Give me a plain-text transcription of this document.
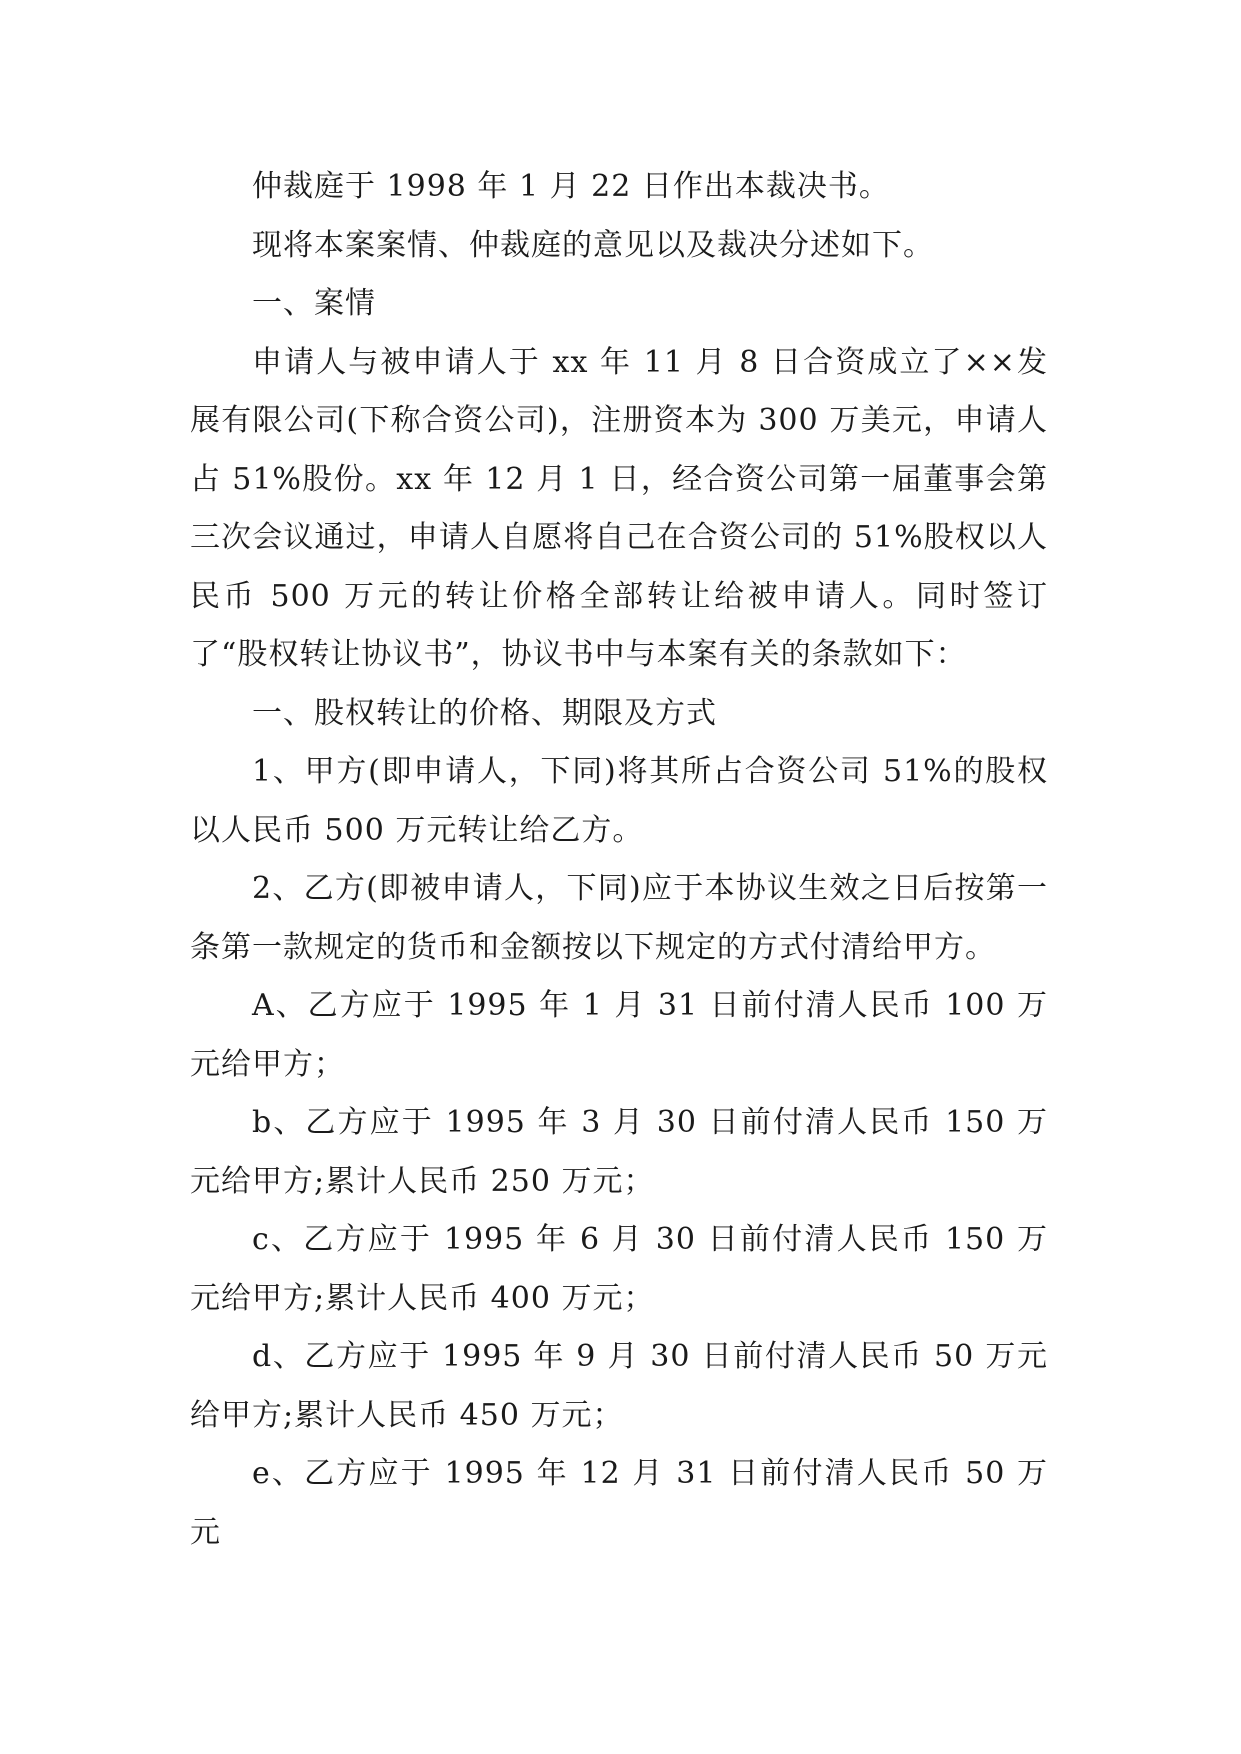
仲裁庭于 1998 年 1 月 22 日作出本裁决书。

现将本案案情、仲裁庭的意见以及裁决分述如下。

一、案情

申请人与被申请人于 xx 年 11 月 8 日合资成立了××发展有限公司(下称合资公司)，注册资本为 300 万美元，申请人占 51%股份。xx 年 12 月 1 日，经合资公司第一届董事会第三次会议通过，申请人自愿将自己在合资公司的 51%股权以人民币 500 万元的转让价格全部转让给被申请人。同时签订了“股权转让协议书”，协议书中与本案有关的条款如下：

一、股权转让的价格、期限及方式

1、甲方(即申请人，下同)将其所占合资公司 51%的股权以人民币 500 万元转让给乙方。

2、乙方(即被申请人，下同)应于本协议生效之日后按第一条第一款规定的货币和金额按以下规定的方式付清给甲方。

A、乙方应于 1995 年 1 月 31 日前付清人民币 100 万元给甲方；

b、乙方应于 1995 年 3 月 30 日前付清人民币 150 万元给甲方;累计人民币 250 万元；

c、乙方应于 1995 年 6 月 30 日前付清人民币 150 万元给甲方;累计人民币 400 万元；

d、乙方应于 1995 年 9 月 30 日前付清人民币 50 万元给甲方;累计人民币 450 万元；

e、乙方应于 1995 年 12 月 31 日前付清人民币 50 万元
